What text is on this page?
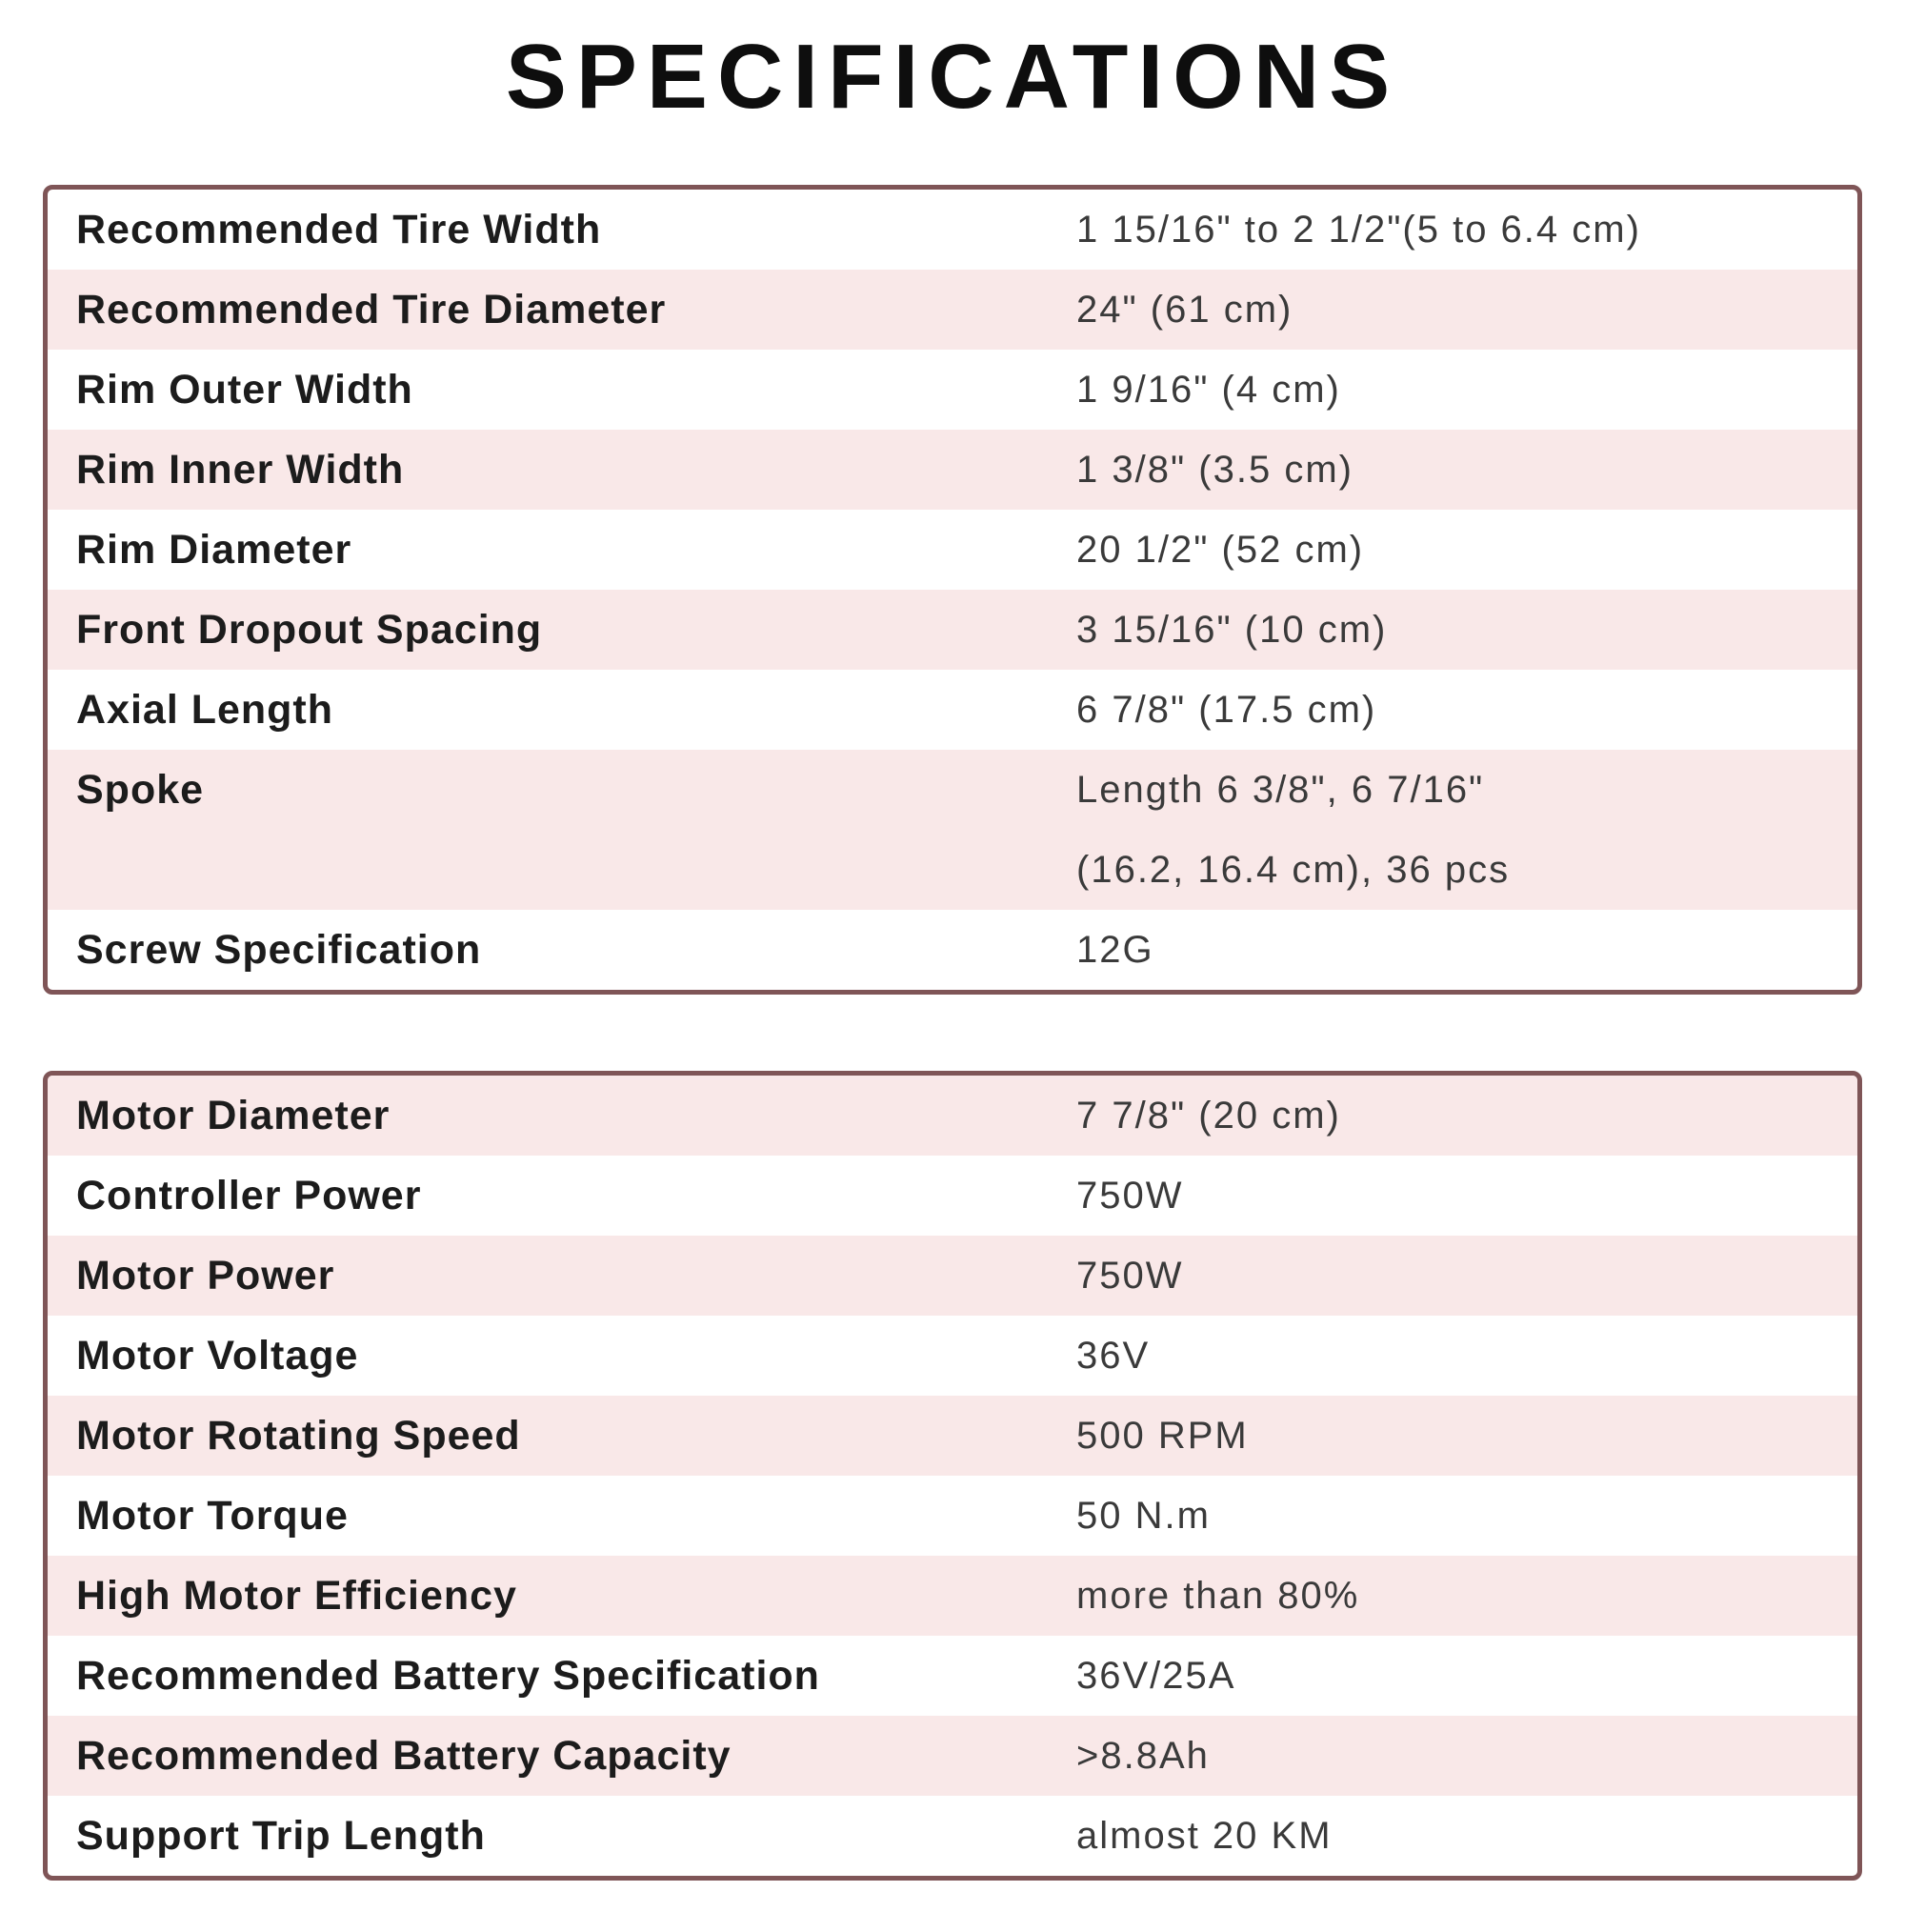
SPECIFICATIONS
Recommended Tire Width	1 15/16" to 2 1/2"(5 to 6.4 cm)
Recommended Tire Diameter	24" (61 cm)
Rim Outer Width	1 9/16" (4 cm)
Rim Inner Width	1 3/8" (3.5 cm)
Rim Diameter	20 1/2" (52 cm)
Front Dropout Spacing	3 15/16" (10 cm)
Axial Length	6 7/8" (17.5 cm)
Spoke	Length 6 3/8", 6 7/16"
(16.2, 16.4 cm), 36 pcs
Screw Specification	12G
Motor Diameter	7 7/8" (20 cm)
Controller Power	750W
Motor Power	750W
Motor Voltage	36V
Motor Rotating Speed	500 RPM
Motor Torque	50 N.m
High Motor Efficiency	more than 80%
Recommended Battery Specification	36V/25A
Recommended Battery Capacity	>8.8Ah
Support Trip Length	almost 20 KM
